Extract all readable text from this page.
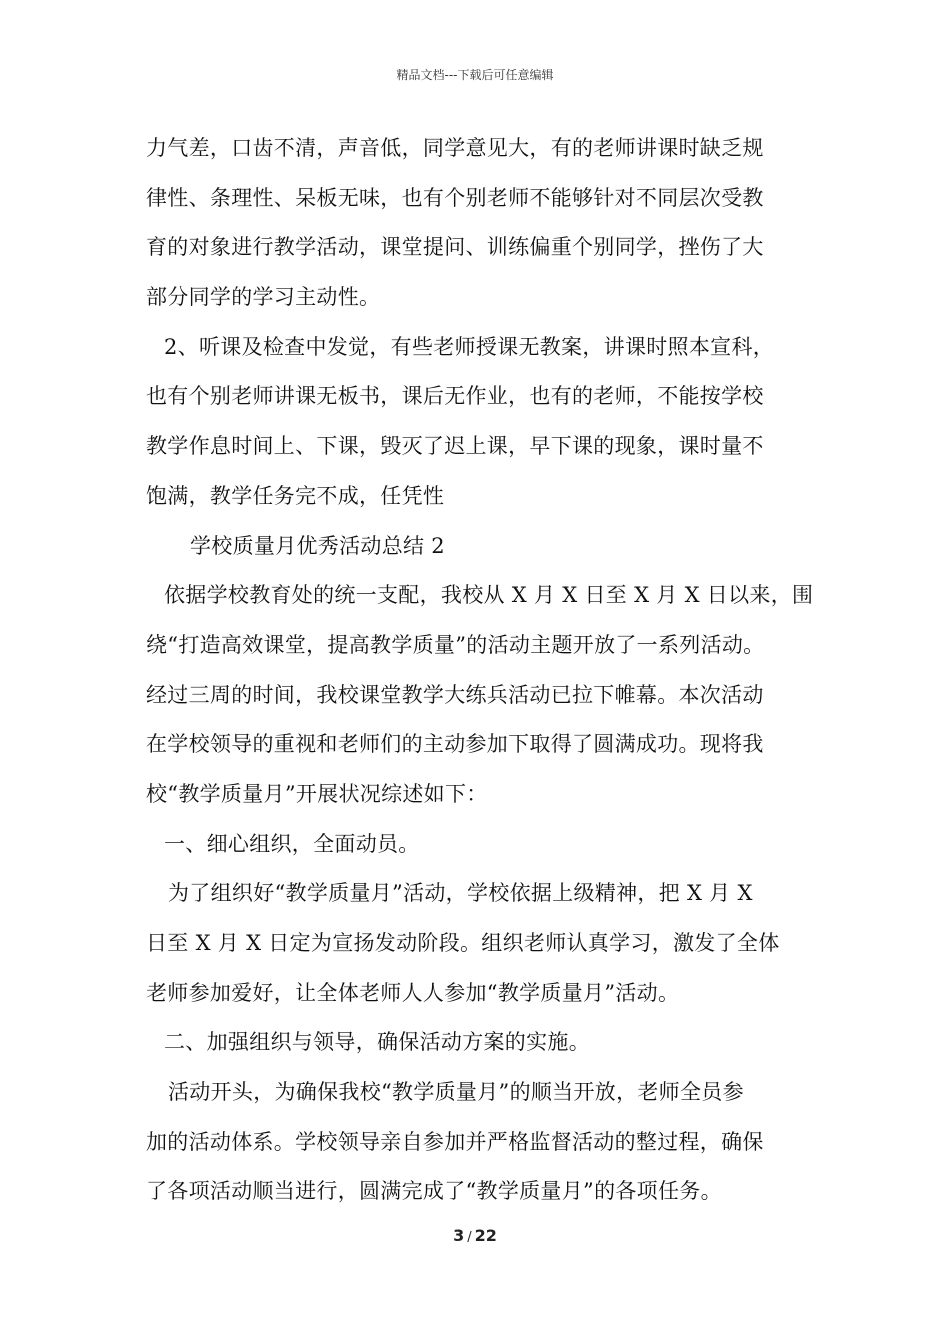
精品文档---下载后可任意编辑
力气差，口齿不清，声音低，同学意见大，有的老师讲课时缺乏规
律性、条理性、呆板无味，也有个别老师不能够针对不同层次受教
育的对象进行教学活动，课堂提问、训练偏重个别同学，挫伤了大
部分同学的学习主动性。
2、听课及检查中发觉，有些老师授课无教案，讲课时照本宣科，
也有个别老师讲课无板书，课后无作业，也有的老师，不能按学校
教学作息时间上、下课，毁灭了迟上课，早下课的现象，课时量不
饱满，教学任务完不成，任凭性
学校质量月优秀活动总结 2
依据学校教育处的统一支配，我校从 X 月 X 日至 X 月 X 日以来，围
绕“打造高效课堂，提高教学质量”的活动主题开放了一系列活动。
经过三周的时间，我校课堂教学大练兵活动已拉下帷幕。本次活动
在学校领导的重视和老师们的主动参加下取得了圆满成功。现将我
校“教学质量月”开展状况综述如下：
一、细心组织，全面动员。
为了组织好“教学质量月”活动，学校依据上级精神，把 X 月 X
日至 X 月 X 日定为宣扬发动阶段。组织老师认真学习，激发了全体
老师参加爱好，让全体老师人人参加“教学质量月”活动。
二、加强组织与领导，确保活动方案的实施。
活动开头，为确保我校“教学质量月”的顺当开放，老师全员参
加的活动体系。学校领导亲自参加并严格监督活动的整过程，确保
了各项活动顺当进行，圆满完成了“教学质量月”的各项任务。
3 / 22
